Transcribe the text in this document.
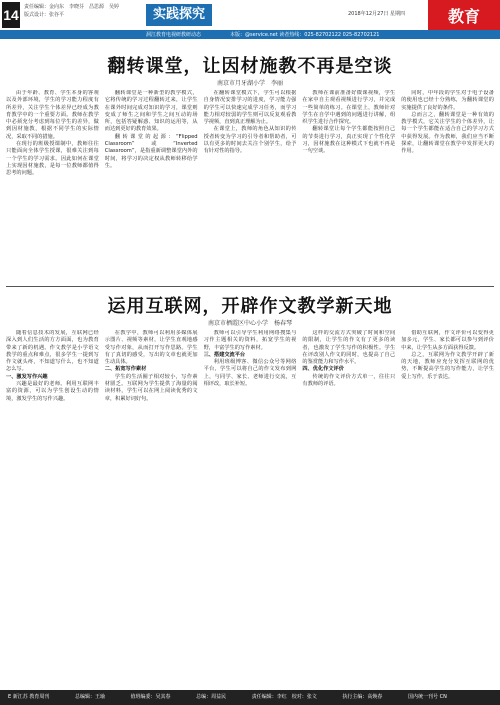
14 责任编辑：金向东　李晓芬　昌思源　吴婷
版式设计：张谷平	实践探究	2018年12月27日 星期四	教育
洞江教育电视研教研动态	本版：@service.net 读者热线：025-82702122 025-82702121
翻转课堂，让因材施教不再是空谈
南京市月牙湖小学　李丽

由于年龄、教育、学生本身的客观以及外部环境，学生的学习能力程度有所差异，关注学生个体差异已经成为教育教学中的一个重要方面。教师在教学中必须充分考虑到每位学生的差异，做到因材施教，根据不同学生的实际情况，采取不同的措施。

在现行的班级授课制中，教师往往只能面向全体学生授课，很难关注到每一个学生的学习需求。因此如何在课堂上实现因材施教，是每一位教师都值得思考的问题。

翻转课堂是一种新型的教学模式，它将传统的学习过程翻转过来，让学生在课外时间完成对知识的学习，课堂则变成了师生之间和学生之间互动的场所，包括答疑解惑、知识的运用等，从而达到更好的教育效果。

翻转课堂的起源：“Flipped Classroom”或“Inverted Classroom”，是指重新调整课堂内外的时间，将学习的决定权从教师转移给学生。

在翻转课堂模式下，学生可以根据自身情况安排学习的进度，学习能力强的学生可以快速完成学习任务，而学习能力相对较弱的学生则可以反复观看教学视频，直到真正理解为止。

在课堂上，教师的角色从知识的传授者转变为学习的引导者和帮助者，可以有更多的时间去关注个别学生，给予有针对性的指导。

教师在课前准备好微课视频，学生在家中自主观看视频进行学习，并完成一些简单的练习。在课堂上，教师针对学生在自学中遇到的问题进行讲解，组织学生进行合作探究。

翻转课堂让每个学生都能按照自己的节奏进行学习，真正实现了个性化学习，因材施教在这种模式下也就不再是一句空谈。

同时，中年段的学生对于电子设备的使用也已经十分熟练，为翻转课堂的实施提供了良好的条件。

总而言之，翻转课堂是一种有效的教学模式，它关注学生的个体差异，让每一个学生都能在适合自己的学习方式中获得发展。作为教师，我们应当不断探索，让翻转课堂在教学中发挥更大的作用。

运用互联网，开辟作文教学新天地
南京市栖霞区中心小学　杨春琴

随着信息技术的发展，互联网已经深入到人们生活的方方面面，也为教育带来了新的机遇。作文教学是小学语文教学的重点和难点，很多学生一提到写作文就头疼，不知道写什么，也不知道怎么写。

一、激发写作兴趣

兴趣是最好的老师。利用互联网丰富的资源，可以为学生创设生动的情境，激发学生的写作兴趣。

在教学中，教师可以利用多媒体展示图片、视频等素材，让学生直观地感受写作对象，从而打开写作思路。学生有了真切的感受，写出的文章也就更加生动具体。

二、拓宽写作素材

学生的生活圈子相对较小，写作素材匮乏。互联网为学生提供了海量的阅读材料，学生可以在网上阅读优秀的文章，积累好词好句。

教师可以引导学生利用网络搜集与习作主题相关的资料，拓宽学生的视野，丰富学生的写作素材。

三、搭建交流平台

利用班级博客、微信公众号等网络平台，学生可以将自己的作文发布到网上，与同学、家长、老师进行交流，互相评改，取长补短。

这样的交流方式突破了时间和空间的限制，让学生的作文有了更多的读者，也激发了学生写作的积极性。学生在评改别人作文的同时，也提高了自己的鉴赏能力和写作水平。

四、优化作文评价

传统的作文评价方式单一，往往只有教师的评语。

借助互联网，作文评价可以变得更加多元，学生、家长都可以参与到评价中来，让学生从多方面获得反馈。

总之，互联网为作文教学开辟了新的天地，教师应充分发挥互联网的优势，不断提高学生的写作能力，让学生爱上写作，乐于表达。

E 新江苏 教育周刊	总编辑：王瑜	值班编委：吴其春	总编：周益民	责任编辑：李红　校对：张文	执行主编：高焕春	国内统一刊号 CN
